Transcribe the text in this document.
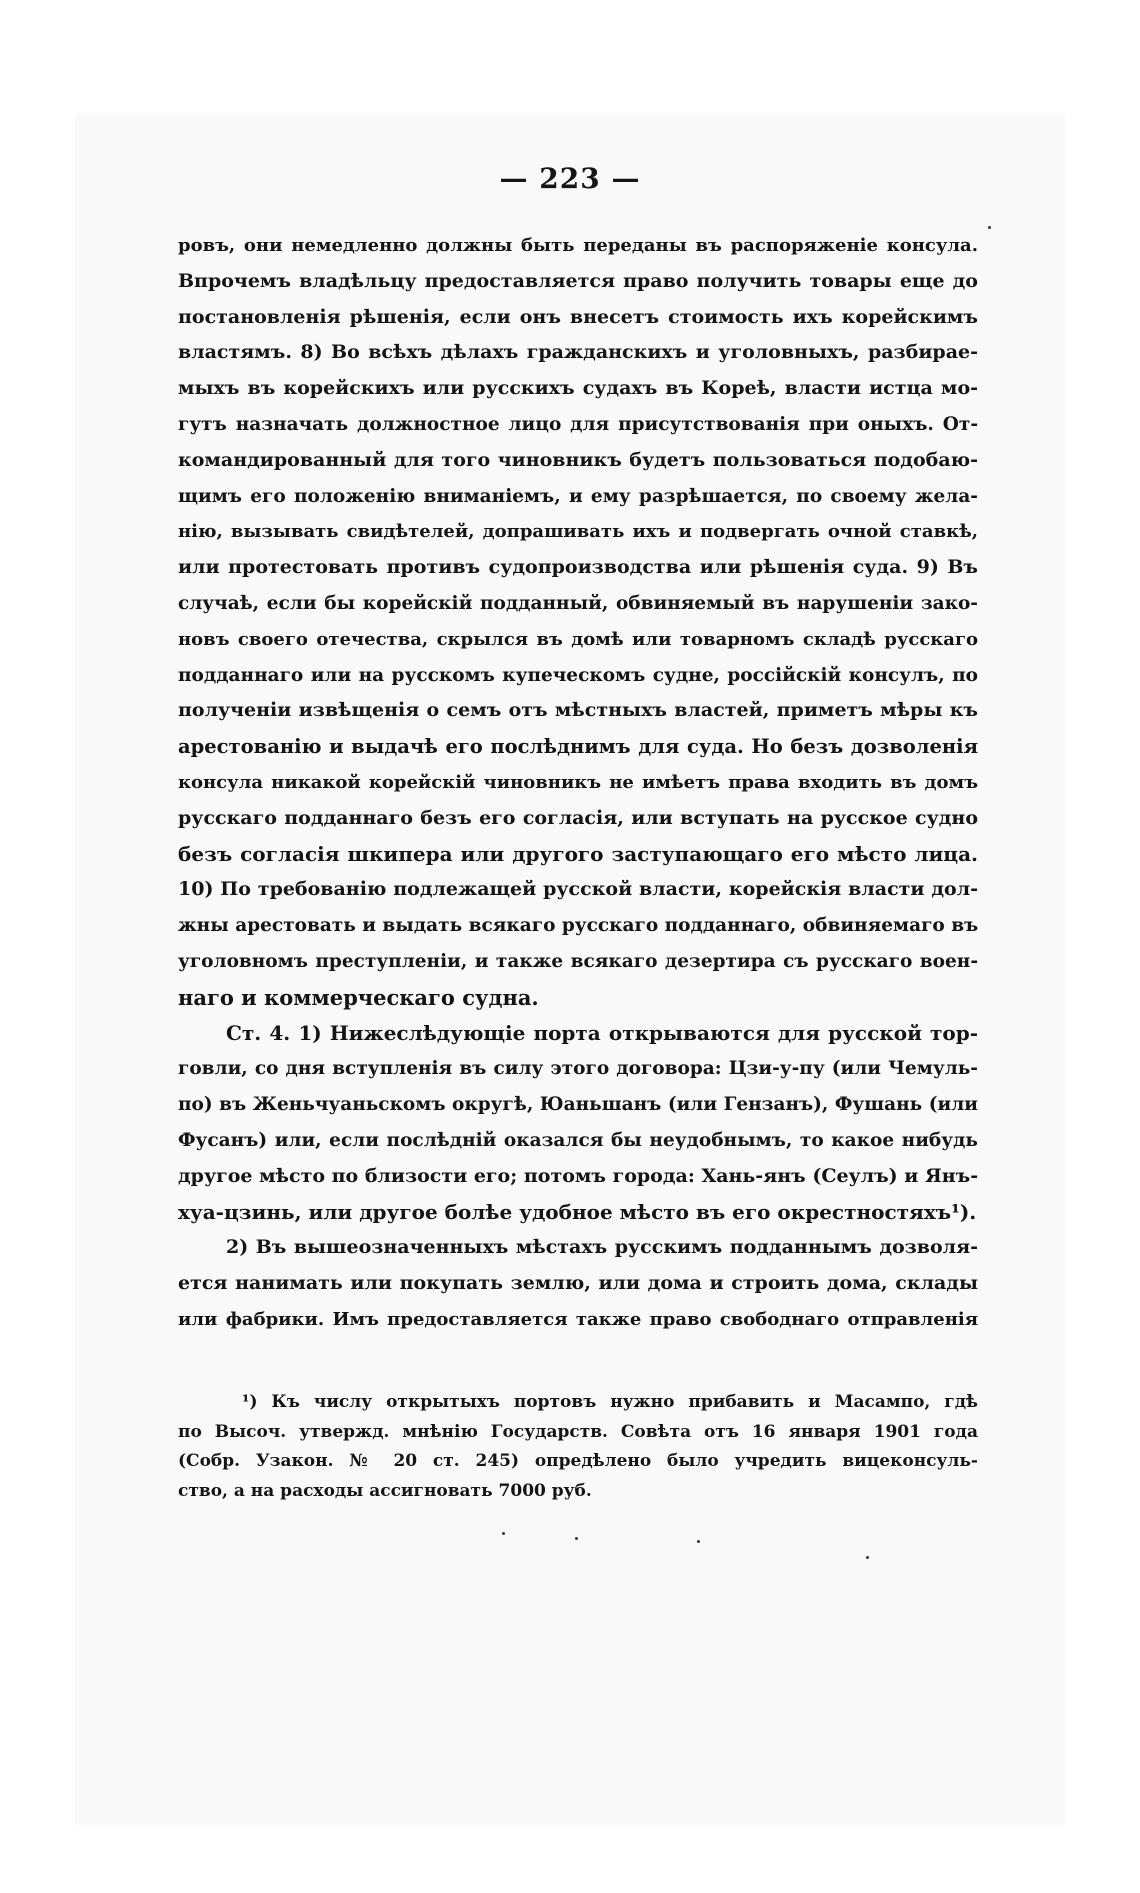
— 223 —
ровъ, они немедленно должны быть переданы въ распоряженіе консула.
Впрочемъ владѣльцу предоставляется право получить товары еще до
постановленія рѣшенія, если онъ внесетъ стоимость ихъ корейскимъ
властямъ. 8) Во всѣхъ дѣлахъ гражданскихъ и уголовныхъ, разбирае-
мыхъ въ корейскихъ или русскихъ судахъ въ Кореѣ, власти истца мо-
гутъ назначать должностное лицо для присутствованія при оныхъ. От-
командированный для того чиновникъ будетъ пользоваться подобаю-
щимъ его положенію вниманіемъ, и ему разрѣшается, по своему жела-
нію, вызывать свидѣтелей, допрашивать ихъ и подвергать очной ставкѣ,
или протестовать противъ судопроизводства или рѣшенія суда. 9) Въ
случаѣ, если бы корейскій подданный, обвиняемый въ нарушеніи зако-
новъ своего отечества, скрылся въ домѣ или товарномъ складѣ русскаго
подданнаго или на русскомъ купеческомъ судне, россійскій консулъ, по
полученіи извѣщенія о семъ отъ мѣстныхъ властей, приметъ мѣры къ
арестованію и выдачѣ его послѣднимъ для суда. Но безъ дозволенія
консула никакой корейскій чиновникъ не имѣетъ права входить въ домъ
русскаго подданнаго безъ его согласія, или вступать на русское судно
безъ согласія шкипера или другого заступающаго его мѣсто лица.
10) По требованію подлежащей русской власти, корейскія власти дол-
жны арестовать и выдать всякаго русскаго подданнаго, обвиняемаго въ
уголовномъ преступленіи, и также всякаго дезертира съ русскаго воен-
наго и коммерческаго судна.
Ст. 4. 1) Нижеслѣдующіе порта открываются для русской тор-
говли, со дня вступленія въ силу этого договора: Цзи-у-пу (или Чемуль-
по) въ Женьчуаньскомъ округѣ, Юаньшанъ (или Гензанъ), Фушань (или
Фусанъ) или, если послѣдній оказался бы неудобнымъ, то какое нибудь
другое мѣсто по близости его; потомъ города: Хань-янъ (Сеулъ) и Янъ-
хуа-цзинь, или другое болѣе удобное мѣсто въ его окрестностяхъ¹).
2) Въ вышеозначенныхъ мѣстахъ русскимъ подданнымъ дозволя-
ется нанимать или покупать землю, или дома и строить дома, склады
или фабрики. Имъ предоставляется также право свободнаго отправленія
¹) Къ числу открытыхъ портовъ нужно прибавить и Масампо, гдѣ
по Высоч. утвержд. мнѣнію Государств. Совѣта отъ 16 января 1901 года
(Собр. Узакон. № 20 ст. 245) опредѣлено было учредить вицеконсуль-
ство, а на расходы ассигновать 7000 руб.
